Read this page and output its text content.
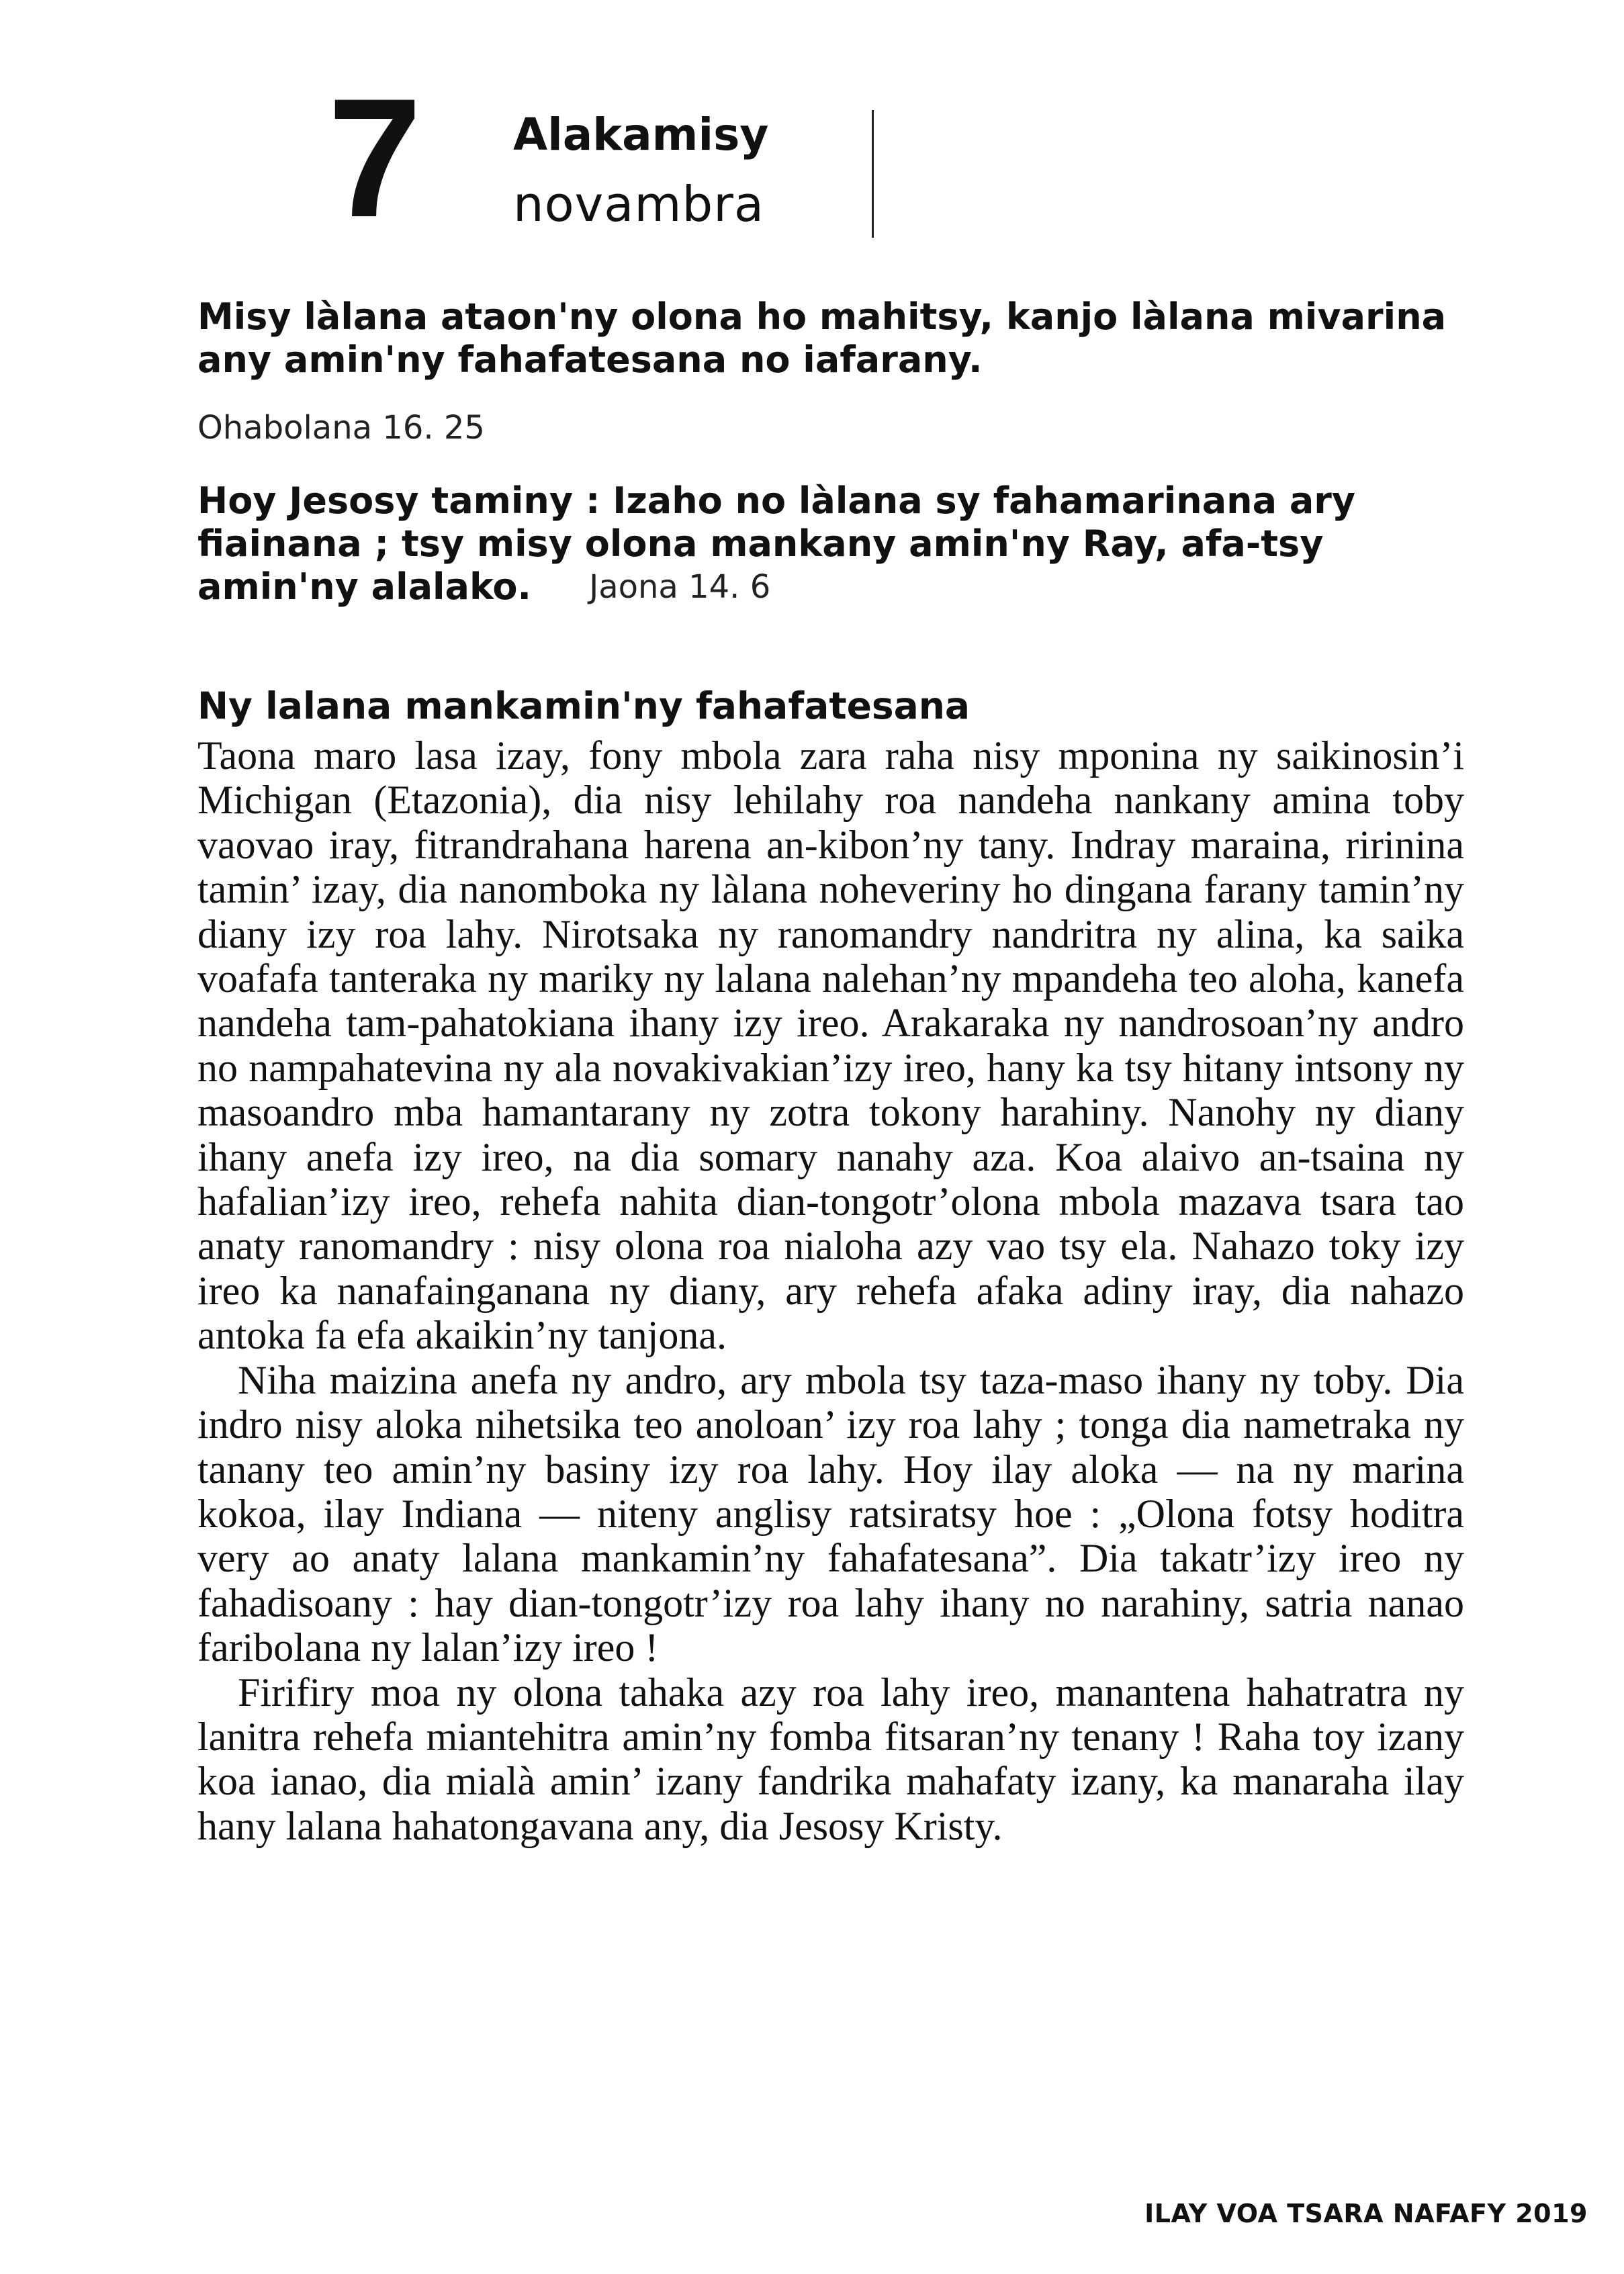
7 Alakamisy
novambra
Misy làlana ataon'ny olona ho mahitsy, kanjo làlana mivarina any amin'ny fahafatesana no iafarany.
Ohabolana 16. 25
Hoy Jesosy taminy : Izaho no làlana sy fahamarinana ary fiainana ; tsy misy olona mankany amin'ny Ray, afa-tsy amin'ny alalako. Jaona 14. 6
Ny lalana mankamin'ny fahafatesana

Taona maro lasa izay, fony mbola zara raha nisy mponina ny saikinosin’i Michigan (Etazonia), dia nisy lehilahy roa nandeha nankany amina toby vaovao iray, fitrandrahana harena an-kibon’ny tany. Indray maraina, ririnina tamin’ izay, dia nanomboka ny làlana noheveriny ho dingana farany tamin’ny diany izy roa lahy. Nirotsaka ny ranomandry nandritra ny alina, ka saika voafafa tanteraka ny mariky ny lalana nalehan’ny mpandeha teo aloha, kanefa nandeha tam-pahatokiana ihany izy ireo. Arakaraka ny nandrosoan’ny andro no nampahatevina ny ala novakivakian’izy ireo, hany ka tsy hitany intsony ny masoandro mba hamantarany ny zotra tokony harahiny. Nanohy ny diany ihany anefa izy ireo, na dia somary nanahy aza. Koa alaivo an-tsaina ny hafalian’izy ireo, rehefa nahita dian-tongotr’olona mbola mazava tsara tao anaty ranomandry : nisy olona roa nialoha azy vao tsy ela. Nahazo toky izy ireo ka nanafainganana ny diany, ary rehefa afaka adiny iray, dia nahazo antoka fa efa akaikin’ny tanjona.

Niha maizina anefa ny andro, ary mbola tsy taza-maso ihany ny toby. Dia indro nisy aloka nihetsika teo anoloan’ izy roa lahy ; tonga dia nametraka ny tanany teo amin’ny basiny izy roa lahy. Hoy ilay aloka — na ny marina kokoa, ilay Indiana — niteny anglisy ratsiratsy hoe : „Olona fotsy hoditra very ao anaty lalana mankamin’ny fahafatesana”. Dia takatr’izy ireo ny fahadisoany : hay dian-tongotr’izy roa lahy ihany no narahiny, satria nanao faribolana ny lalan’izy ireo !

Firifiry moa ny olona tahaka azy roa lahy ireo, manantena hahatratra ny lanitra rehefa miantehitra amin’ny fomba fitsaran’ny tenany ! Raha toy izany koa ianao, dia mialà amin’ izany fandrika mahafaty izany, ka manaraha ilay hany lalana hahatongavana any, dia Jesosy Kristy.

ILAY VOA TSARA NAFAFY 2019
